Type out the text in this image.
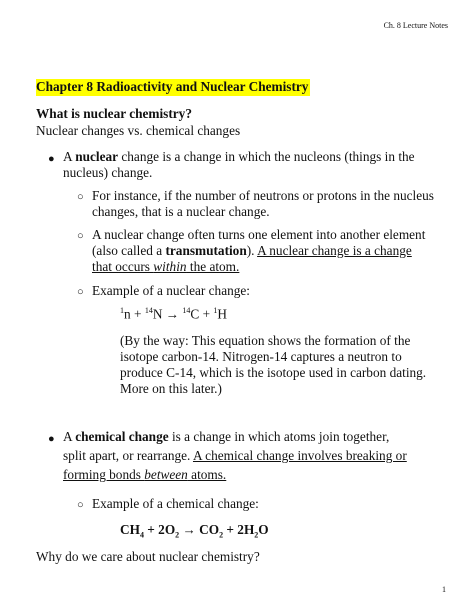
Ch. 8 Lecture Notes
Chapter 8 Radioactivity and Nuclear Chemistry
What is nuclear chemistry?
Nuclear changes vs. chemical changes
● A nuclear change is a change in which the nucleons (things in the
nucleus) change.
○ For instance, if the number of neutrons or protons in the nucleus
changes, that is a nuclear change.
○ A nuclear change often turns one element into another element
(also called a transmutation). A nuclear change is a change
that occurs within the atom.
○ Example of a nuclear change:
$^1$n + $^{14}$N → $^{14}$C + $^1$H
(By the way: This equation shows the formation of the
isotope carbon-14. Nitrogen-14 captures a neutron to
produce C-14, which is the isotope used in carbon dating.
More on this later.)
● A chemical change is a change in which atoms join together,
split apart, or rearrange. A chemical change involves breaking or
forming bonds between atoms.
○ Example of a chemical change:
$CH_4 + 2O_2 \to CO_2 + 2H_2O$
Why do we care about nuclear chemistry?
1
